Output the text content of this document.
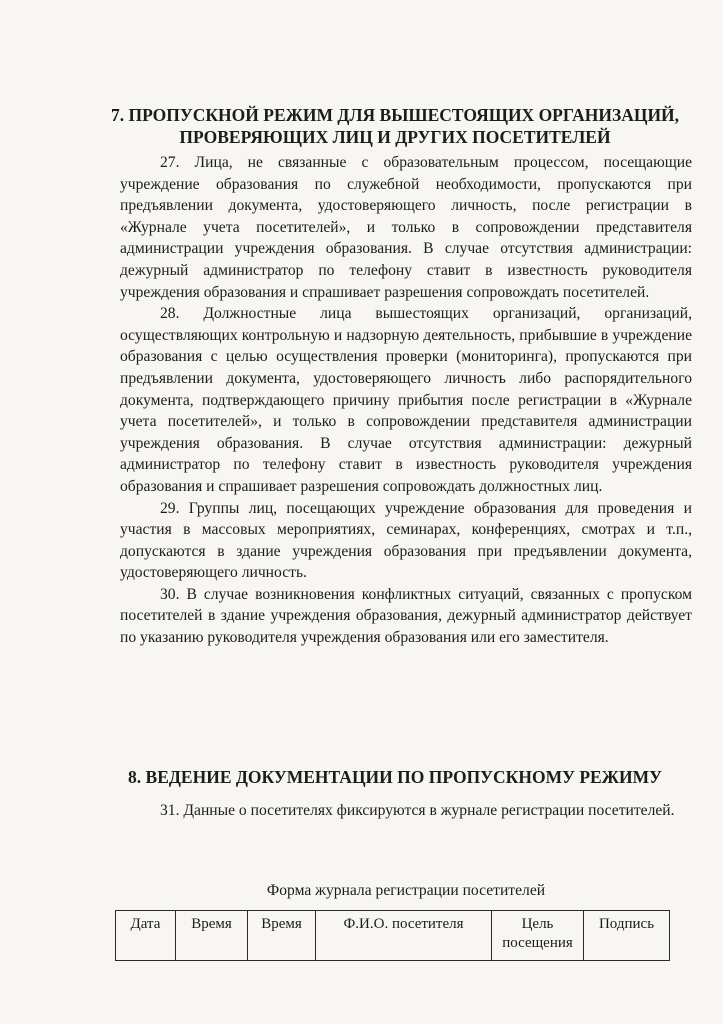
7. ПРОПУСКНОЙ РЕЖИМ ДЛЯ ВЫШЕСТОЯЩИХ ОРГАНИЗАЦИЙ,
ПРОВЕРЯЮЩИХ ЛИЦ И ДРУГИХ ПОСЕТИТЕЛЕЙ

27. Лица, не связанные с образовательным процессом, посещающие учреждение образования по служебной необходимости, пропускаются при предъявлении документа, удостоверяющего личность, после регистрации в «Журнале учета посетителей», и только в сопровождении представителя администрации учреждения образования. В случае отсутствия администрации: дежурный администратор по телефону ставит в известность руководителя учреждения образования и спрашивает разрешения сопровождать посетителей.

28. Должностные лица вышестоящих организаций, организаций, осуществляющих контрольную и надзорную деятельность, прибывшие в учреждение образования с целью осуществления проверки (мониторинга), пропускаются при предъявлении документа, удостоверяющего личность либо распорядительного документа, подтверждающего причину прибытия после регистрации в «Журнале учета посетителей», и только в сопровождении представителя администрации учреждения образования. В случае отсутствия администрации: дежурный администратор по телефону ставит в известность руководителя учреждения образования и спрашивает разрешения сопровождать должностных лиц.

29. Группы лиц, посещающих учреждение образования для проведения и участия в массовых мероприятиях, семинарах, конференциях, смотрах и т.п., допускаются в здание учреждения образования при предъявлении документа, удостоверяющего личность.

30. В случае возникновения конфликтных ситуаций, связанных с пропуском посетителей в здание учреждения образования, дежурный администратор действует по указанию руководителя учреждения образования или его заместителя.

8. ВЕДЕНИЕ ДОКУМЕНТАЦИИ ПО ПРОПУСКНОМУ РЕЖИМУ

31. Данные о посетителях фиксируются в журнале регистрации посетителей.

Форма журнала регистрации посетителей
Дата	Время	Время	Ф.И.О. посетителя	Цель посещения	Подпись
